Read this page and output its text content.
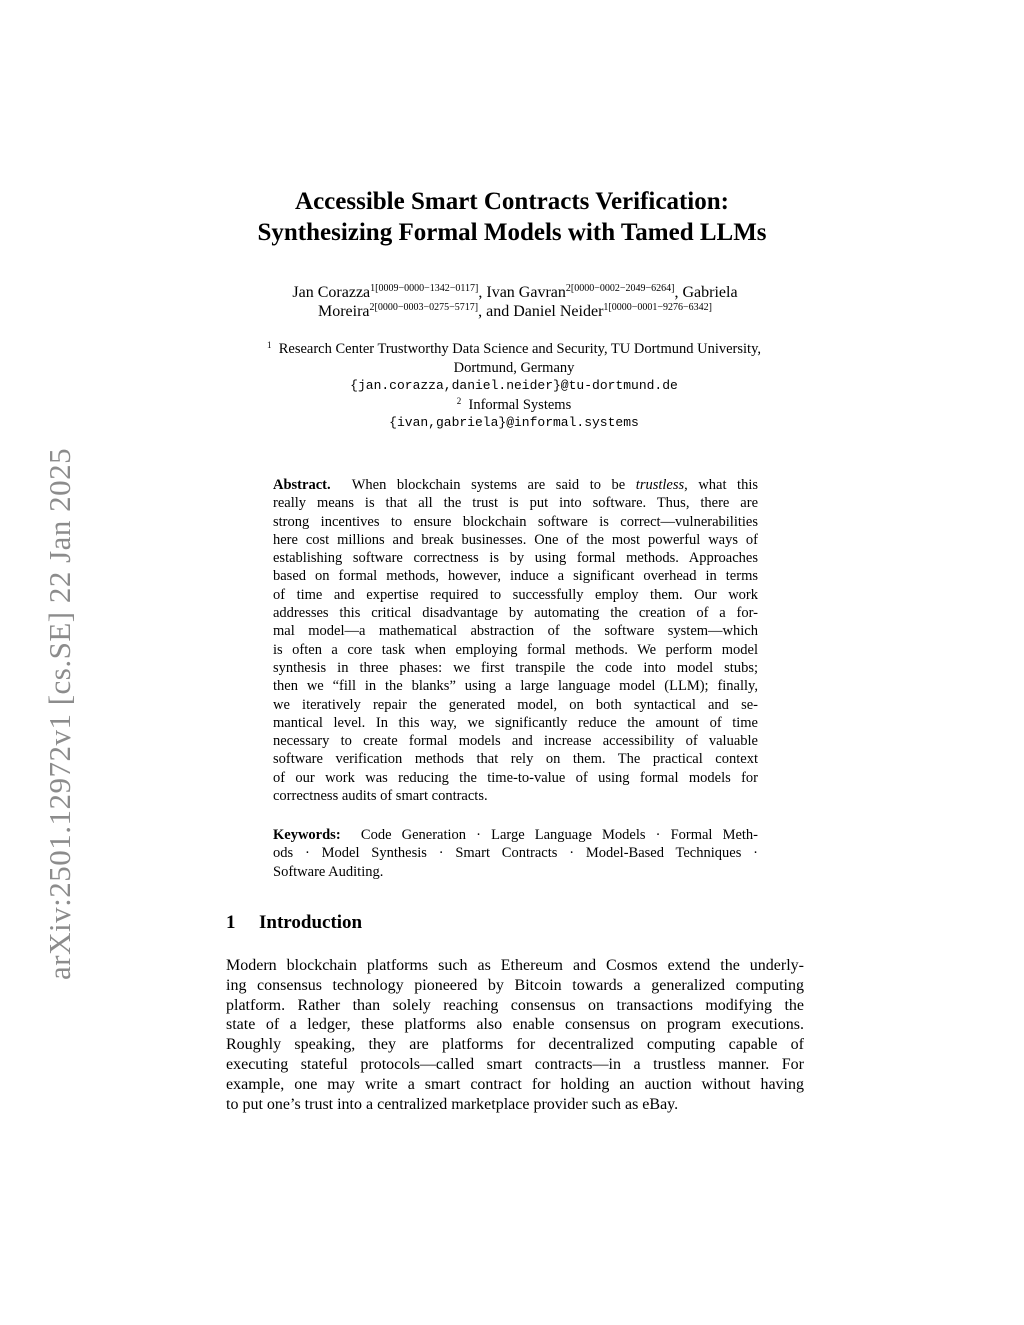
arXiv:2501.12972v1 [cs.SE] 22 Jan 2025
Accessible Smart Contracts Verification:
Synthesizing Formal Models with Tamed LLMs
Jan Corazza$^{1[0009-0000-1342-0117]}$, Ivan Gavran$^{2[0000-0002-2049-6264]}$, Gabriela
Moreira$^{2[0000-0003-0275-5717]}$, and Daniel Neider$^{1[0000-0001-9276-6342]}$
$^1$ Research Center Trustworthy Data Science and Security, TU Dortmund University,
Dortmund, Germany
{jan.corazza,daniel.neider}@tu-dortmund.de
$^2$ Informal Systems
{ivan,gabriela}@informal.systems
Abstract. When blockchain systems are said to be trustless, what this
really means is that all the trust is put into software. Thus, there are
strong incentives to ensure blockchain software is correct—vulnerabilities
here cost millions and break businesses. One of the most powerful ways of
establishing software correctness is by using formal methods. Approaches
based on formal methods, however, induce a significant overhead in terms
of time and expertise required to successfully employ them. Our work
addresses this critical disadvantage by automating the creation of a for-
mal model—a mathematical abstraction of the software system—which
is often a core task when employing formal methods. We perform model
synthesis in three phases: we first transpile the code into model stubs;
then we “fill in the blanks” using a large language model (LLM); finally,
we iteratively repair the generated model, on both syntactical and se-
mantical level. In this way, we significantly reduce the amount of time
necessary to create formal models and increase accessibility of valuable
software verification methods that rely on them. The practical context
of our work was reducing the time-to-value of using formal models for
correctness audits of smart contracts.
Keywords: Code Generation · Large Language Models · Formal Meth-
ods · Model Synthesis · Smart Contracts · Model-Based Techniques ·
Software Auditing.
1 Introduction
Modern blockchain platforms such as Ethereum and Cosmos extend the underly-
ing consensus technology pioneered by Bitcoin towards a generalized computing
platform. Rather than solely reaching consensus on transactions modifying the
state of a ledger, these platforms also enable consensus on program executions.
Roughly speaking, they are platforms for decentralized computing capable of
executing stateful protocols—called smart contracts—in a trustless manner. For
example, one may write a smart contract for holding an auction without having
to put one’s trust into a centralized marketplace provider such as eBay.
